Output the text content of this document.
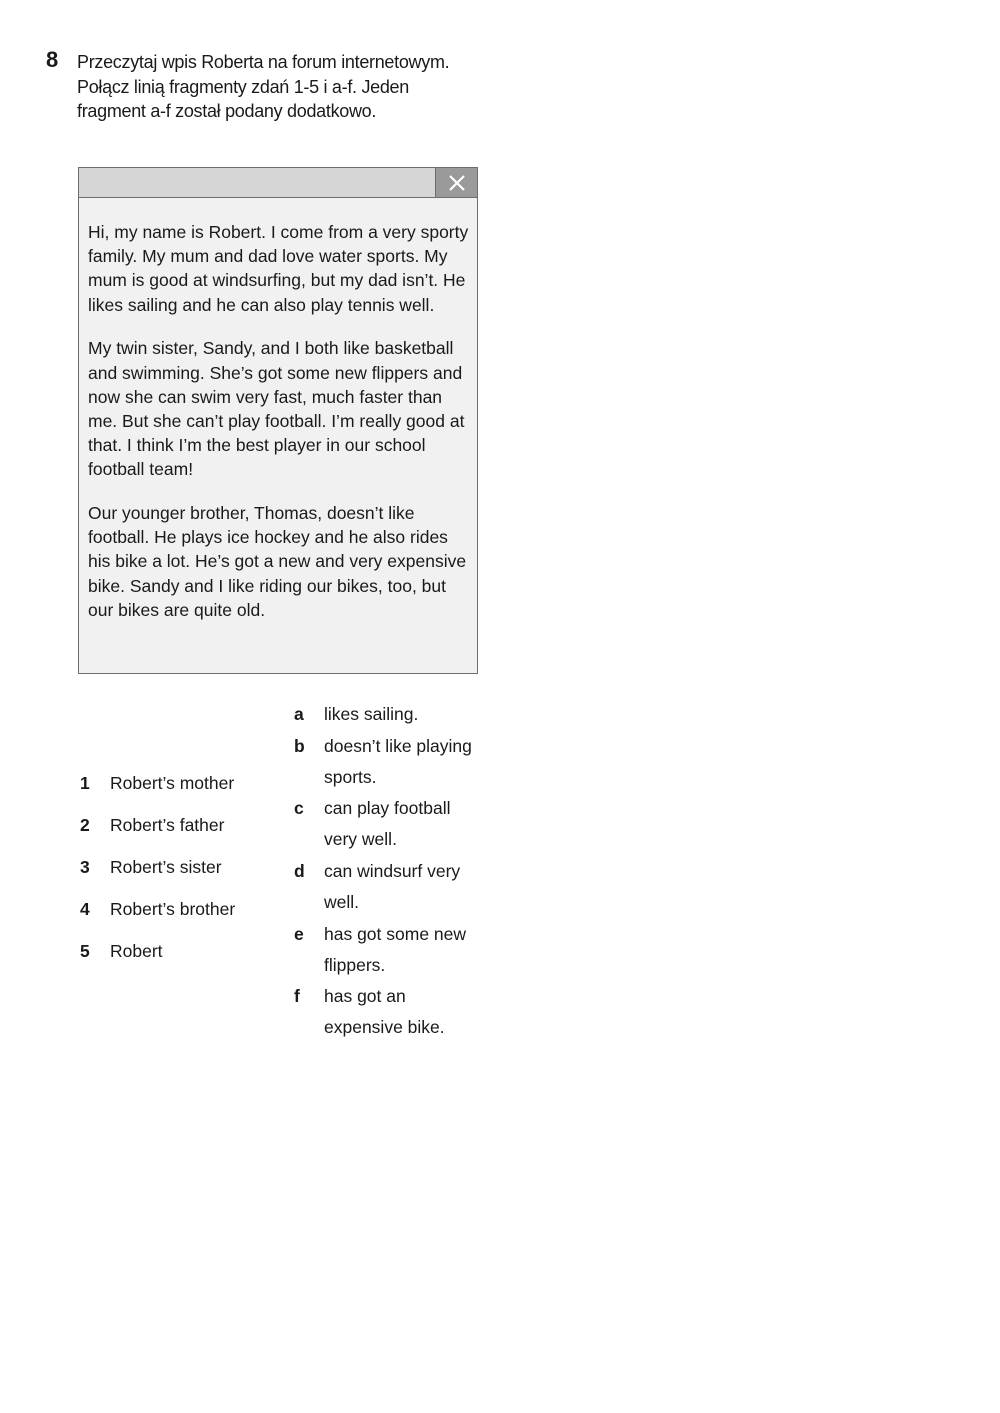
8 Przeczytaj wpis Roberta na forum internetowym. Połącz linią fragmenty zdań 1-5 i a-f. Jeden fragment a-f został podany dodatkowo.

Hi, my name is Robert. I come from a very sporty family. My mum and dad love water sports. My mum is good at windsurfing, but my dad isn’t. He likes sailing and he can also play tennis well.

My twin sister, Sandy, and I both like basketball and swimming. She’s got some new flippers and now she can swim very fast, much faster than me. But she can’t play football. I’m really good at that. I think I’m the best player in our school football team!

Our younger brother, Thomas, doesn’t like football. He plays ice hockey and he also rides his bike a lot. He’s got a new and very expensive bike. Sandy and I like riding our bikes, too, but our bikes are quite old.

1 Robert’s mother
2 Robert’s father
3 Robert’s sister
4 Robert’s brother
5 Robert
a likes sailing.
b doesn’t like playing sports.
c can play football very well.
d can windsurf very well.
e has got some new flippers.
f has got an expensive bike.
